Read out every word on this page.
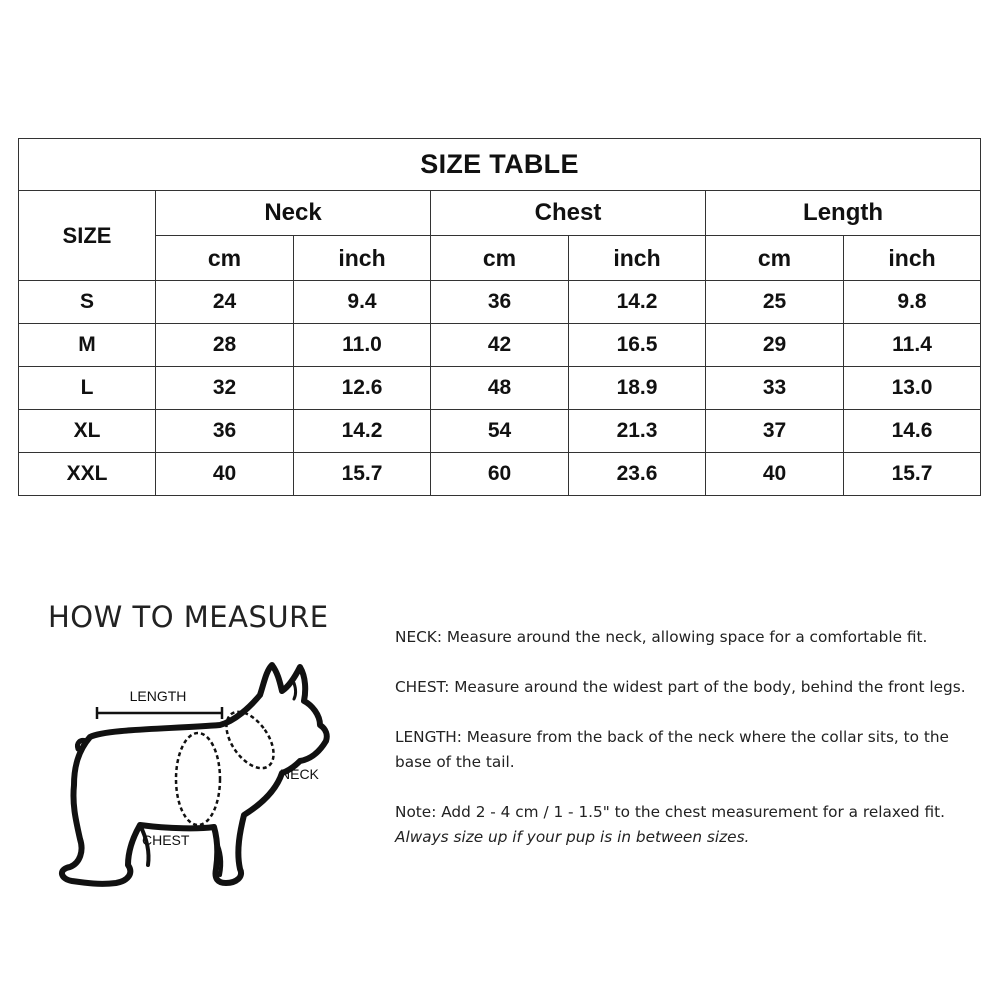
SIZE TABLE						
SIZE	Neck		Chest		Length	
	cm	inch	cm	inch	cm	inch
S	24	9.4	36	14.2	25	9.8
M	28	11.0	42	16.5	29	11.4
L	32	12.6	48	18.9	33	13.0
XL	36	14.2	54	21.3	37	14.6
XXL	40	15.7	60	23.6	40	15.7
HOW TO MEASURE
LENGTH
NECK
CHEST

NECK: Measure around the neck, allowing space for a comfortable fit.

CHEST: Measure around the widest part of the body, behind the front legs.

LENGTH: Measure from the back of the neck where the collar sits, to the base of the tail.

Note: Add 2 - 4 cm / 1 - 1.5" to the chest measurement for a relaxed fit.
Always size up if your pup is in between sizes.
